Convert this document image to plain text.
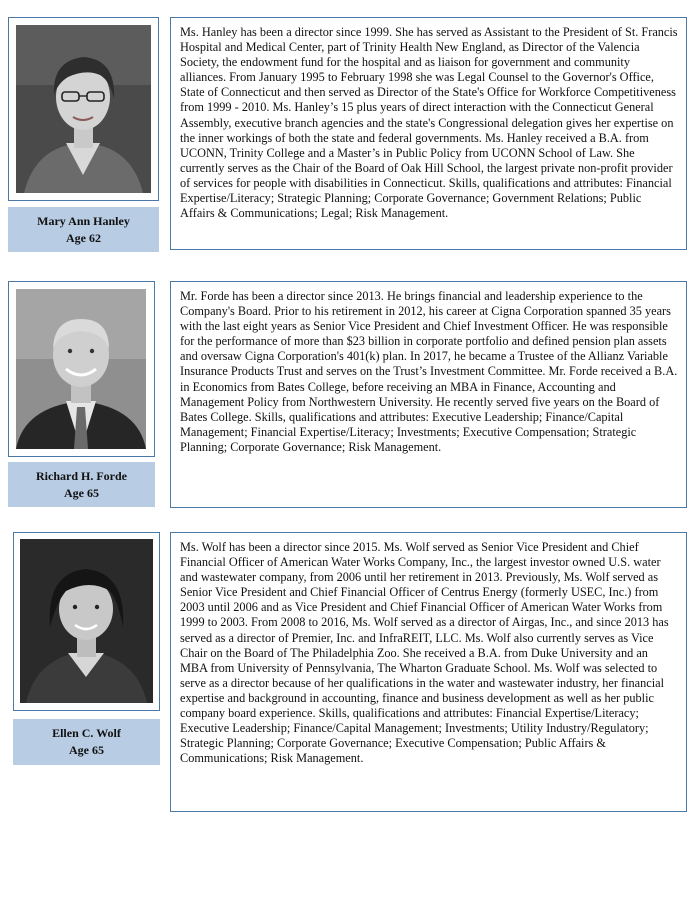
Mary Ann Hanley
Age 62

Ms. Hanley has been a director since 1999. She has served as Assistant to the President of St. Francis Hospital and Medical Center, part of Trinity Health New England, as Director of the Valencia Society, the endowment fund for the hospital and as liaison for government and community alliances. From January 1995 to February 1998 she was Legal Counsel to the Governor's Office, State of Connecticut and then served as Director of the State's Office for Workforce Competitiveness from 1999 - 2010. Ms. Hanley’s 15 plus years of direct interaction with the Connecticut General Assembly, executive branch agencies and the state's Congressional delegation gives her expertise on the inner workings of both the state and federal governments. Ms. Hanley received a B.A. from UCONN, Trinity College and a Master’s in Public Policy from UCONN School of Law. She currently serves as the Chair of the Board of Oak Hill School, the largest private non-profit provider of services for people with disabilities in Connecticut. Skills, qualifications and attributes: Financial Expertise/Literacy; Strategic Planning; Corporate Governance; Government Relations; Public Affairs & Communications; Legal; Risk Management.

Richard H. Forde
Age 65

Mr. Forde has been a director since 2013. He brings financial and leadership experience to the Company's Board. Prior to his retirement in 2012, his career at Cigna Corporation spanned 35 years with the last eight years as Senior Vice President and Chief Investment Officer. He was responsible for the performance of more than $23 billion in corporate portfolio and defined pension plan assets and oversaw Cigna Corporation's 401(k) plan. In 2017, he became a Trustee of the Allianz Variable Insurance Products Trust and serves on the Trust’s Investment Committee. Mr. Forde received a B.A. in Economics from Bates College, before receiving an MBA in Finance, Accounting and Management Policy from Northwestern University. He recently served five years on the Board of Bates College. Skills, qualifications and attributes: Executive Leadership; Finance/Capital Management; Financial Expertise/Literacy; Investments; Executive Compensation; Strategic Planning; Corporate Governance; Risk Management.

Ellen C. Wolf
Age 65

Ms. Wolf has been a director since 2015. Ms. Wolf served as Senior Vice President and Chief Financial Officer of American Water Works Company, Inc., the largest investor owned U.S. water and wastewater company, from 2006 until her retirement in 2013. Previously, Ms. Wolf served as Senior Vice President and Chief Financial Officer of Centrus Energy (formerly USEC, Inc.) from 2003 until 2006 and as Vice President and Chief Financial Officer of American Water Works from 1999 to 2003. From 2008 to 2016, Ms. Wolf served as a director of Airgas, Inc., and since 2013 has served as a director of Premier, Inc. and InfraREIT, LLC. Ms. Wolf also currently serves as Vice Chair on the Board of The Philadelphia Zoo. She received a B.A. from Duke University and an MBA from University of Pennsylvania, The Wharton Graduate School. Ms. Wolf was selected to serve as a director because of her qualifications in the water and wastewater industry, her financial expertise and background in accounting, finance and business development as well as her public company board experience. Skills, qualifications and attributes: Financial Expertise/Literacy; Executive Leadership; Finance/Capital Management; Investments; Utility Industry/Regulatory; Strategic Planning; Corporate Governance; Executive Compensation; Public Affairs & Communications; Risk Management.
